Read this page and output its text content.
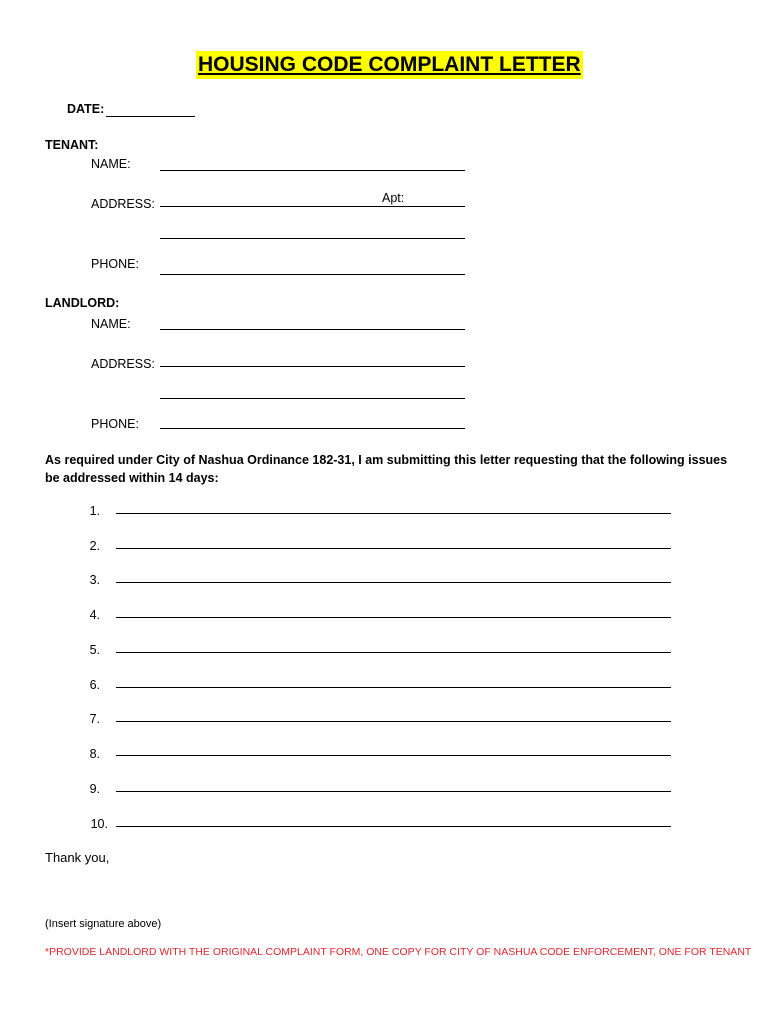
HOUSING CODE COMPLAINT LETTER
DATE:
TENANT:
NAME:
ADDRESS:	Apt:
PHONE:
LANDLORD:
NAME:
ADDRESS:
PHONE:
As required under City of Nashua Ordinance 182-31, I am submitting this letter requesting that the following issues be addressed within 14 days:
1.
2.
3.
4.
5.
6.
7.
8.
9.
10.
Thank you,
(Insert signature above)
*PROVIDE LANDLORD WITH THE ORIGINAL COMPLAINT FORM, ONE COPY FOR CITY OF NASHUA CODE ENFORCEMENT, ONE FOR TENANT
